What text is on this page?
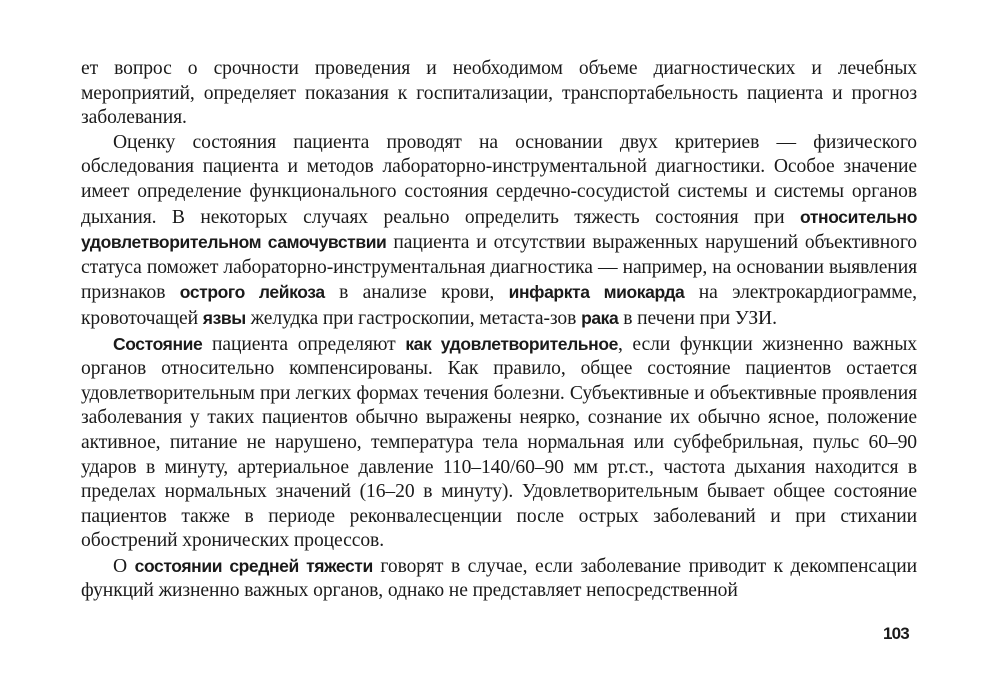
ет вопрос о срочности проведения и необходимом объеме диагностических и лечебных мероприятий, определяет показания к госпитализации, транспортабельность пациента и прогноз заболевания.

Оценку состояния пациента проводят на основании двух критериев — физического обследования пациента и методов лабораторно-инструментальной диагностики. Особое значение имеет определение функционального состояния сердечно-сосудистой системы и системы органов дыхания. В некоторых случаях реально определить тяжесть состояния при относительно удовлетворительном самочувствии пациента и отсутствии выраженных нарушений объективного статуса поможет лабораторно-инструментальная диагностика — например, на основании выявления признаков острого лейкоза в анализе крови, инфаркта миокарда на электрокардиограмме, кровоточащей язвы желудка при гастроскопии, метаста-зов рака в печени при УЗИ.

Состояние пациента определяют как удовлетворительное, если функции жизненно важных органов относительно компенсированы. Как правило, общее состояние пациентов остается удовлетворительным при легких формах течения болезни. Субъективные и объективные проявления заболевания у таких пациентов обычно выражены неярко, сознание их обычно ясное, положение активное, питание не нарушено, температура тела нормальная или субфебрильная, пульс 60–90 ударов в минуту, артериальное давление 110–140/60–90 мм рт.ст., частота дыхания находится в пределах нормальных значений (16–20 в минуту). Удовлетворительным бывает общее состояние пациентов также в периоде реконвалесценции после острых заболеваний и при стихании обострений хронических процессов.

О состоянии средней тяжести говорят в случае, если заболевание приводит к декомпенсации функций жизненно важных органов, однако не представляет непосредственной

103
